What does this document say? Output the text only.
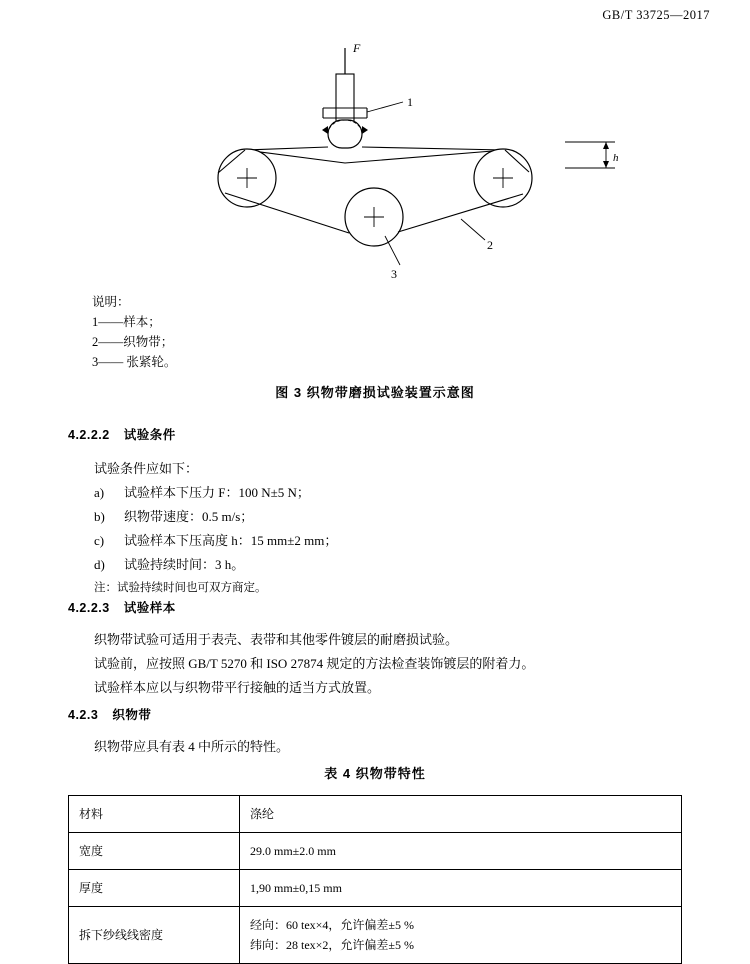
GB/T 33725—2017
F
h
1
2
3
说明：
1——样本；
2——织物带；
3—— 张紧轮。
图 3 织物带磨损试验装置示意图
4.2.2.2 试验条件
试验条件应如下：
a) 试验样本下压力 F：100 N±5 N；
b) 织物带速度：0.5 m/s；
c) 试验样本下压高度 h：15 mm±2 mm；
d) 试验持续时间：3 h。
注：试验持续时间也可双方商定。
4.2.2.3 试验样本
织物带试验可适用于表壳、表带和其他零件镀层的耐磨损试验。
试验前，应按照 GB/T 5270 和 ISO 27874 规定的方法检查装饰镀层的附着力。
试验样本应以与织物带平行接触的适当方式放置。
4.2.3 织物带
织物带应具有表 4 中所示的特性。
表 4 织物带特性
材料	涤纶
宽度	29.0 mm±2.0 mm
厚度	1,90 mm±0,15 mm
拆下纱线线密度	经向：60 tex×4，允许偏差±5 %
纬向：28 tex×2，允许偏差±5 %
